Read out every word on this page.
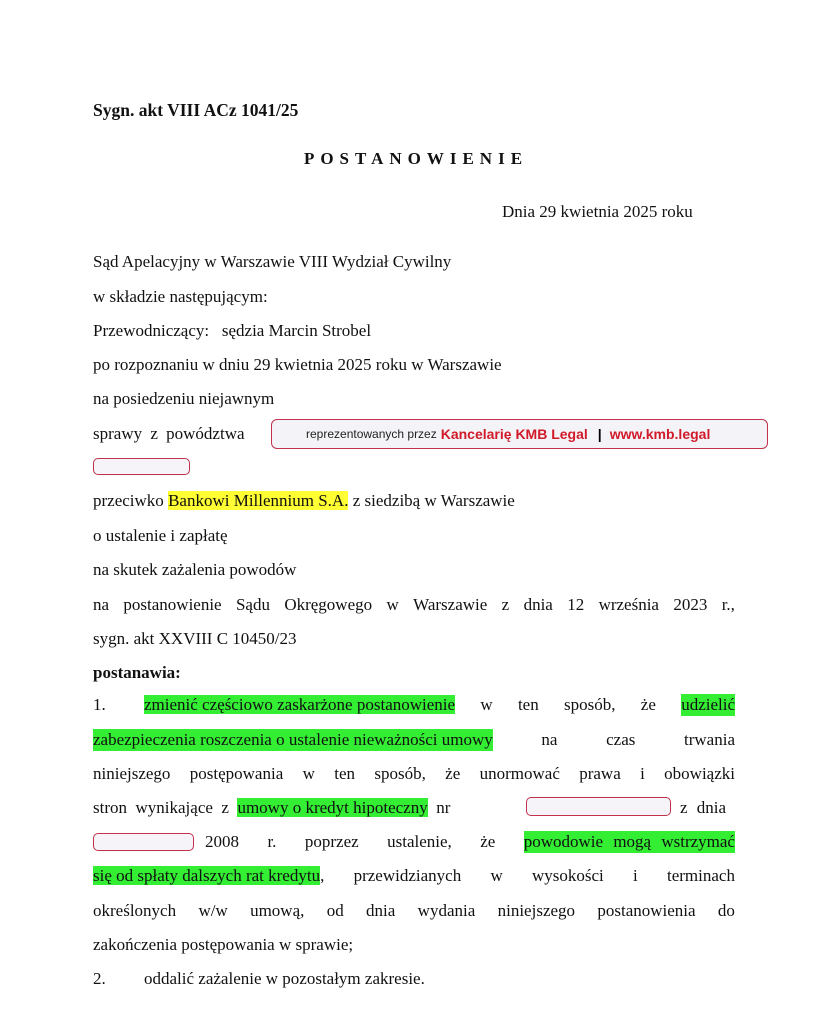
Sygn. akt VIII ACz 1041/25
POSTANOWIENIE
Dnia 29 kwietnia 2025 roku
Sąd Apelacyjny w Warszawie VIII Wydział Cywilny
w składzie następującym:
Przewodniczący: sędzia Marcin Strobel
po rozpoznaniu w dniu 29 kwietnia 2025 roku w Warszawie
na posiedzeniu niejawnym
sprawy z powództwa	reprezentowanych przez Kancelarię KMB Legal | www.kmb.legal
przeciwko Bankowi Millennium S.A. z siedzibą w Warszawie
o ustalenie i zapłatę
na skutek zażalenia powodów
na postanowienie Sądu Okręgowego w Warszawie z dnia 12 września 2023 r.,
sygn. akt XXVIII C 10450/23
postanawia:
1. zmienić częściowo zaskarżone postanowienie w ten sposób, że udzielić
zabezpieczenia roszczenia o ustalenie nieważności umowy	na	czas	trwania
niniejszego postępowania w ten sposób, że unormować prawa i obowiązki
stron wynikające z umowy o kredyt hipoteczny nr	z dnia
2008 r. poprzez ustalenie, że powodowie mogą wstrzymać
się od spłaty dalszych rat kredytu, przewidzianych w wysokości i terminach
określonych w/w umową, od dnia wydania niniejszego postanowienia do
zakończenia postępowania w sprawie;
2. oddalić zażalenie w pozostałym zakresie.
